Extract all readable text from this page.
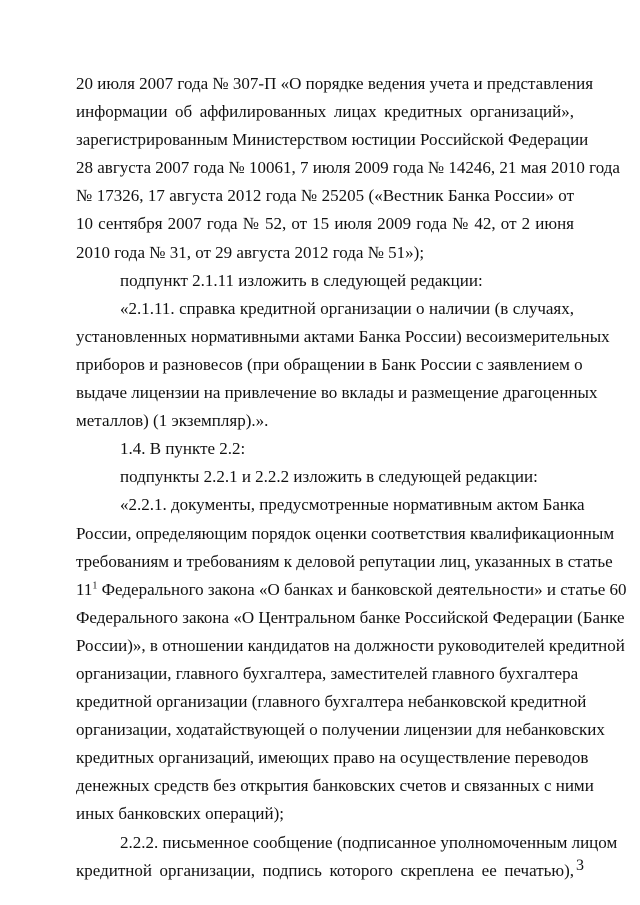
20 июля 2007 года № 307-П «О порядке ведения учета и представления
информации об аффилированных лицах кредитных организаций»,
зарегистрированным Министерством юстиции Российской Федерации
28 августа 2007 года № 10061, 7 июля 2009 года № 14246, 21 мая 2010 года
№ 17326, 17 августа 2012 года № 25205 («Вестник Банка России» от
10 сентября 2007 года № 52, от 15 июля 2009 года № 42, от 2 июня
2010 года № 31, от 29 августа 2012 года № 51»);
подпункт 2.1.11 изложить в следующей редакции:
«2.1.11. справка кредитной организации о наличии (в случаях,
установленных нормативными актами Банка России) весоизмерительных
приборов и разновесов (при обращении в Банк России с заявлением о
выдаче лицензии на привлечение во вклады и размещение драгоценных
металлов) (1 экземпляр).».
1.4. В пункте 2.2:
подпункты 2.2.1 и 2.2.2 изложить в следующей редакции:
«2.2.1. документы, предусмотренные нормативным актом Банка
России, определяющим порядок оценки соответствия квалификационным
требованиям и требованиям к деловой репутации лиц, указанных в статье
$11^1$ Федерального закона «О банках и банковской деятельности» и статье 60
Федерального закона «О Центральном банке Российской Федерации (Банке
России)», в отношении кандидатов на должности руководителей кредитной
организации, главного бухгалтера, заместителей главного бухгалтера
кредитной организации (главного бухгалтера небанковской кредитной
организации, ходатайствующей о получении лицензии для небанковских
кредитных организаций, имеющих право на осуществление переводов
денежных средств без открытия банковских счетов и связанных с ними
иных банковских операций);
2.2.2. письменное сообщение (подписанное уполномоченным лицом
кредитной организации, подпись которого скреплена ее печатью), 3
